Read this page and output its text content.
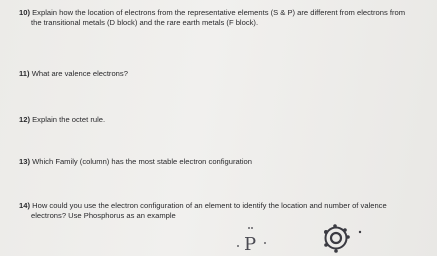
10) Explain how the location of electrons from the representative elements (S & P) are different from electrons from
the transitional metals (D block) and the rare earth metals (F block).
11) What are valence electrons?
12) Explain the octet rule.
13) Which Family (column) has the most stable electron configuration
14) How could you use the electron configuration of an element to identify the location and number of valence
electrons? Use Phosphorus as an example
P
